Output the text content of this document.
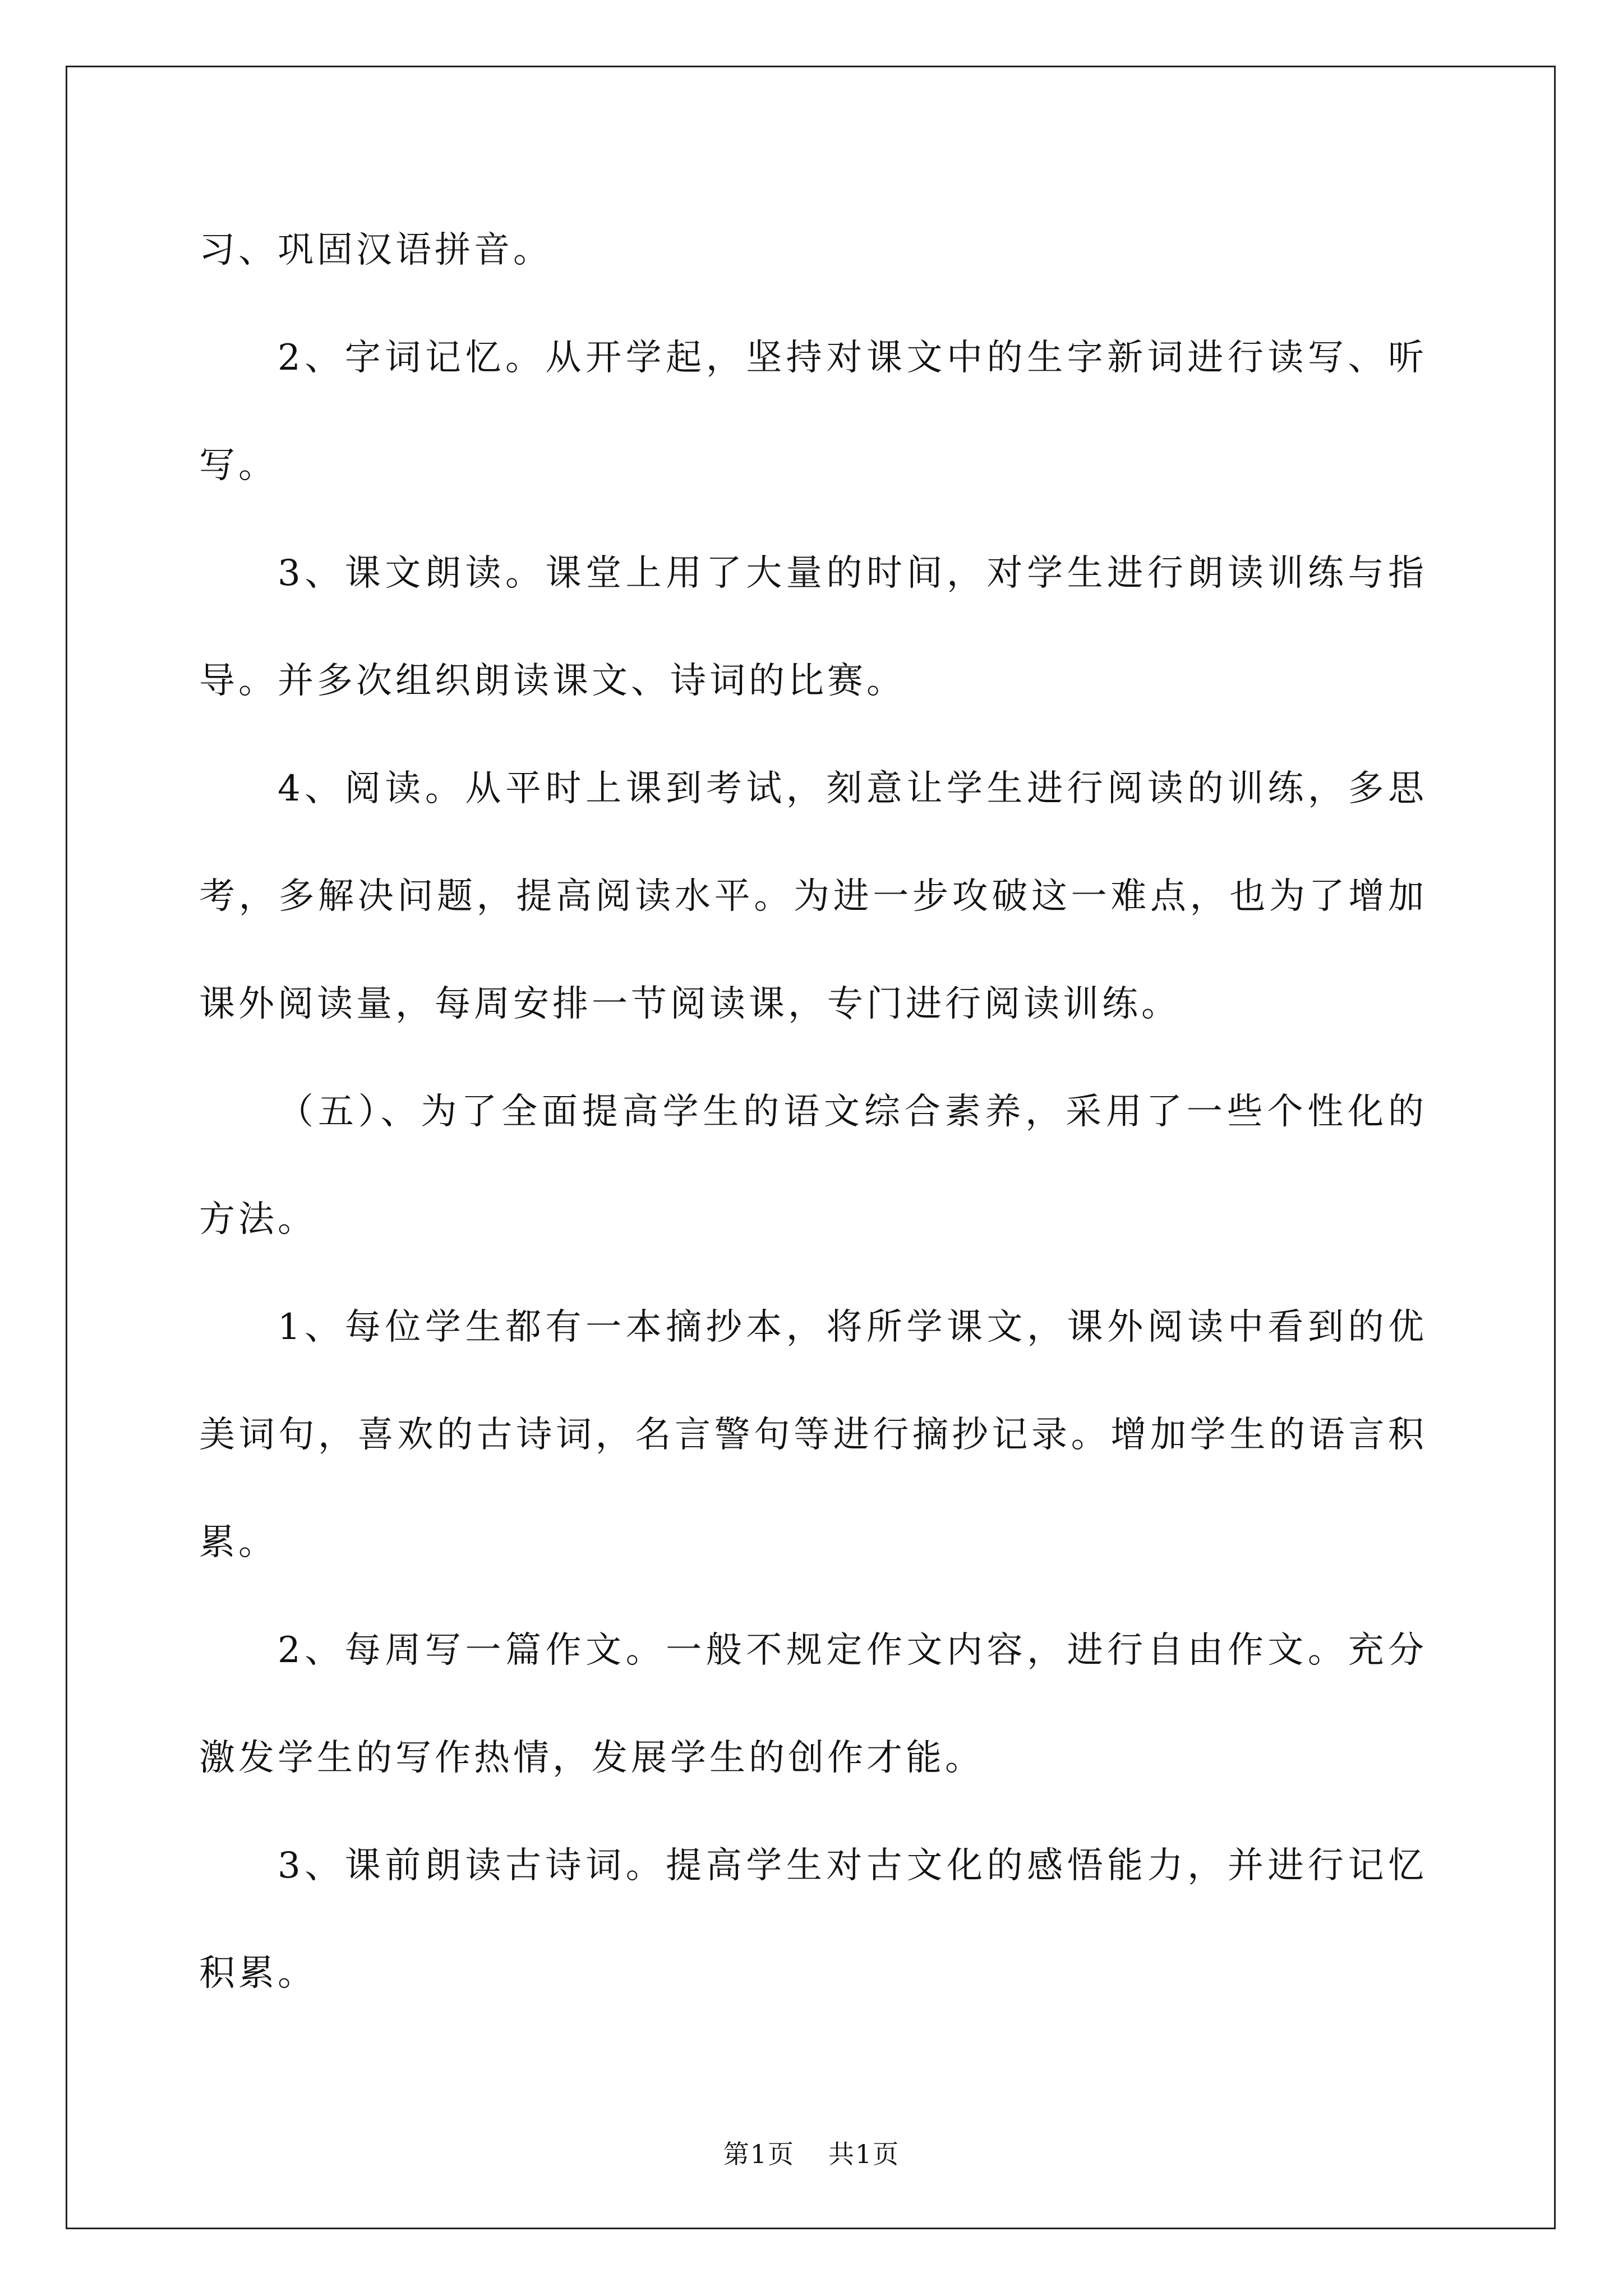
习、巩固汉语拼音。

2、字词记忆。从开学起，坚持对课文中的生字新词进行读写、听写。

3、课文朗读。课堂上用了大量的时间，对学生进行朗读训练与指导。并多次组织朗读课文、诗词的比赛。

4、阅读。从平时上课到考试，刻意让学生进行阅读的训练，多思考，多解决问题，提高阅读水平。为进一步攻破这一难点，也为了增加课外阅读量，每周安排一节阅读课，专门进行阅读训练。

（五）、为了全面提高学生的语文综合素养，采用了一些个性化的方法。

1、每位学生都有一本摘抄本，将所学课文，课外阅读中看到的优美词句，喜欢的古诗词，名言警句等进行摘抄记录。增加学生的语言积累。

2、每周写一篇作文。一般不规定作文内容，进行自由作文。充分激发学生的写作热情，发展学生的创作才能。

3、课前朗读古诗词。提高学生对古文化的感悟能力，并进行记忆积累。

第1页 共1页
